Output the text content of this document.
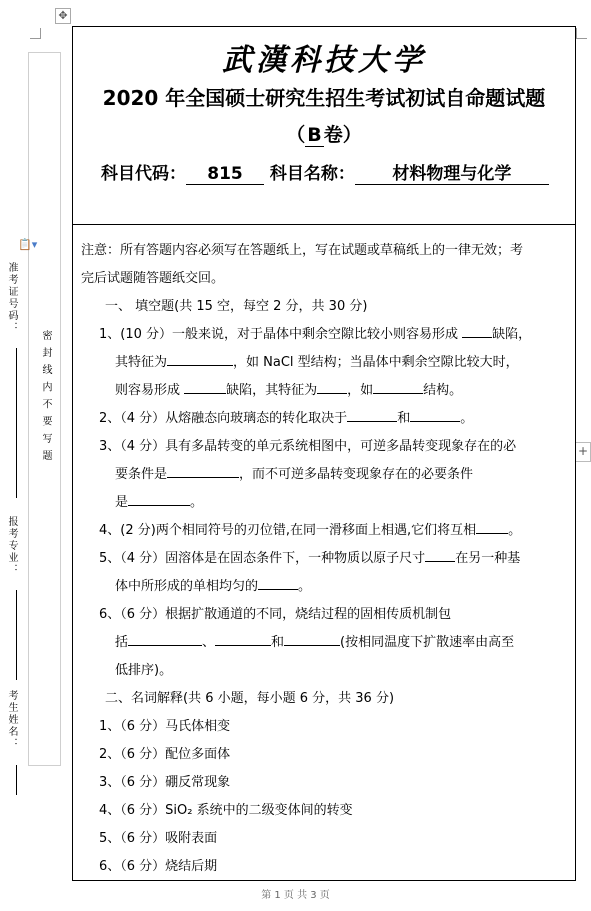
准考证号码：
密 封 线 内 不 要 写 题
报考专业：
考生姓名：
✥
📋▾
+
武漢科技大学
2020 年全国硕士研究生招生考试初试自命题试题
（ B 卷）
科目代码： 815 科目名称： 材料物理与化学
注意：所有答题内容必须写在答题纸上，写在试题或草稿纸上的一律无效；考
完后试题随答题纸交回。
一、 填空题(共 15 空，每空 2 分，共 30 分)
1、(10 分）一般来说，对于晶体中剩余空隙比较小则容易形成 缺陷，
其特征为	，如 NaCl 型结构；当晶体中剩余空隙比较大时，
则容易形成	缺陷，其特征为 ，如	结构。
2、（4 分）从熔融态向玻璃态的转化取决于	和	。
3、（4 分）具有多晶转变的单元系统相图中，可逆多晶转变现象存在的必
要条件是	，而不可逆多晶转变现象存在的必要条件
是	。
4、(2 分)两个相同符号的刃位错,在同一滑移面上相遇,它们将互相 。
5、（4 分）固溶体是在固态条件下，一种物质以原子尺寸 在另一种基
体中所形成的单相均匀的	。
6、（6 分）根据扩散通道的不同，烧结过程的固相传质机制包
括	、	和	(按相同温度下扩散速率由高至
低排序)。
二、名词解释(共 6 小题，每小题 6 分，共 36 分)
1、（6 分）马氏体相变
2、（6 分）配位多面体
3、（6 分）硼反常现象
4、（6 分）SiO₂ 系统中的二级变体间的转变
5、（6 分）吸附表面
6、（6 分）烧结后期
第 1 页 共 3 页
